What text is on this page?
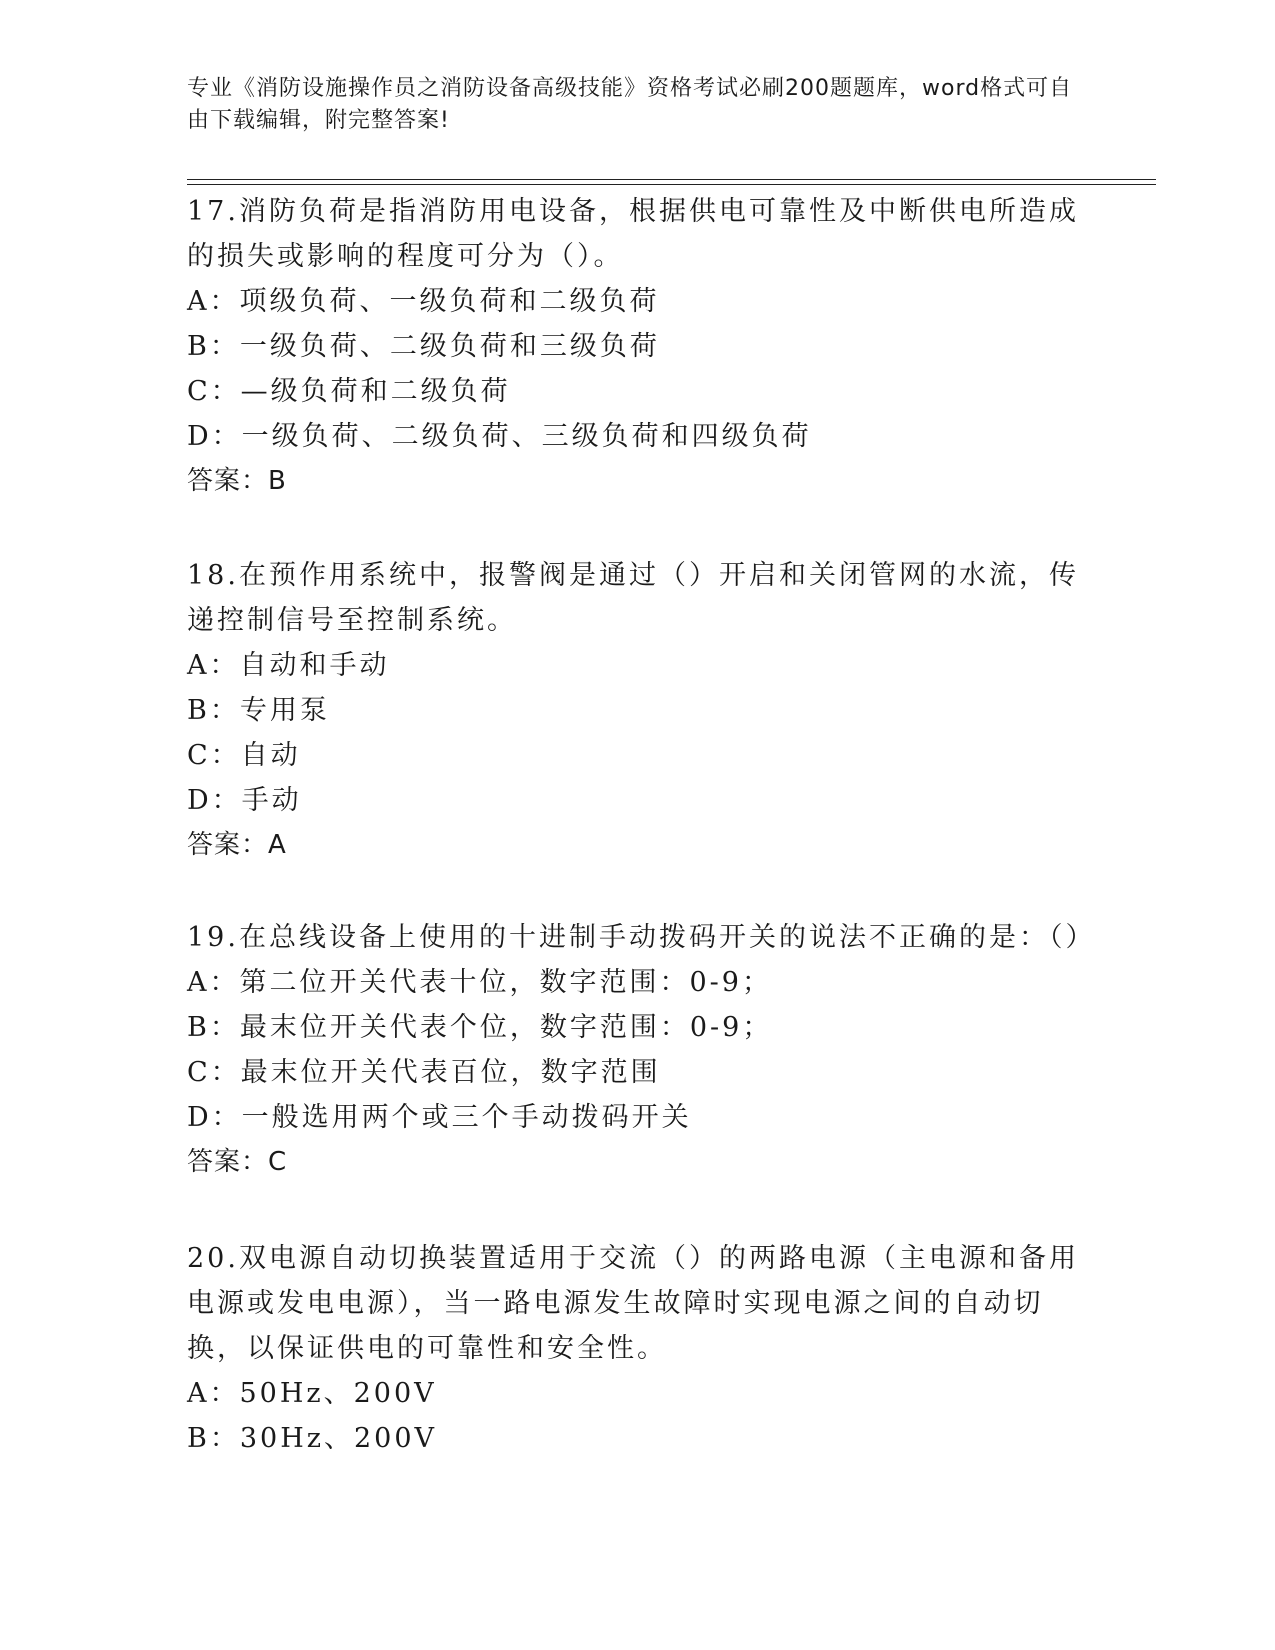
专业《消防设施操作员之消防设备高级技能》资格考试必刷200题题库，word格式可自由下载编辑，附完整答案!

17.消防负荷是指消防用电设备，根据供电可靠性及中断供电所造成的损失或影响的程度可分为（）。

A：项级负荷、一级负荷和二级负荷

B：一级负荷、二级负荷和三级负荷

C：—级负荷和二级负荷

D：一级负荷、二级负荷、三级负荷和四级负荷

答案：B

18.在预作用系统中，报警阀是通过（）开启和关闭管网的水流，传递控制信号至控制系统。

A：自动和手动

B：专用泵

C：自动

D：手动

答案：A

19.在总线设备上使用的十进制手动拨码开关的说法不正确的是：（）

A：第二位开关代表十位，数字范围：0-9；

B：最末位开关代表个位，数字范围：0-9；

C：最末位开关代表百位，数字范围

D：一般选用两个或三个手动拨码开关

答案：C

20.双电源自动切换装置适用于交流（）的两路电源（主电源和备用电源或发电电源），当一路电源发生故障时实现电源之间的自动切换，以保证供电的可靠性和安全性。

A：50Hz、200V

B：30Hz、200V
